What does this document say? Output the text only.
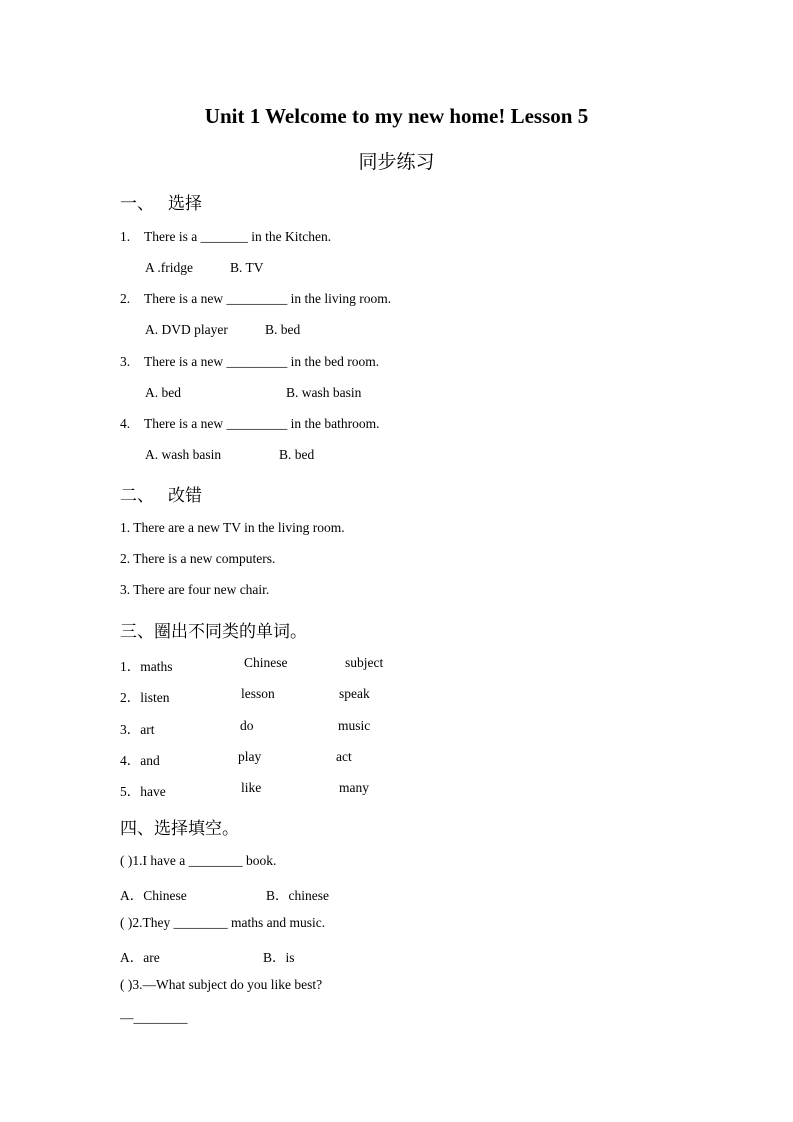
Unit 1 Welcome to my new home! Lesson 5
同步练习
一、 选择
1. There is a _______ in the Kitchen.
A .fridge	B. TV
2. There is a new _________ in the living room.
A. DVD player	B. bed
3. There is a new _________ in the bed room.
A. bed	B. wash basin
4. There is a new _________ in the bathroom.
A. wash basin	B. bed
二、 改错
1. There are a new TV in the living room.
2. There is a new computers.
3. There are four new chair.
三、圈出不同类的单词。
1．maths	Chinese	subject
2．listen	lesson	speak
3．art	do	music
4．and	play	act
5．have	like	many
四、选择填空。
( )1.I have a ________ book.
A．Chinese	B．chinese
( )2.They ________ maths and music.
A．are	B．is
( )3.—What subject do you like best?
—________
